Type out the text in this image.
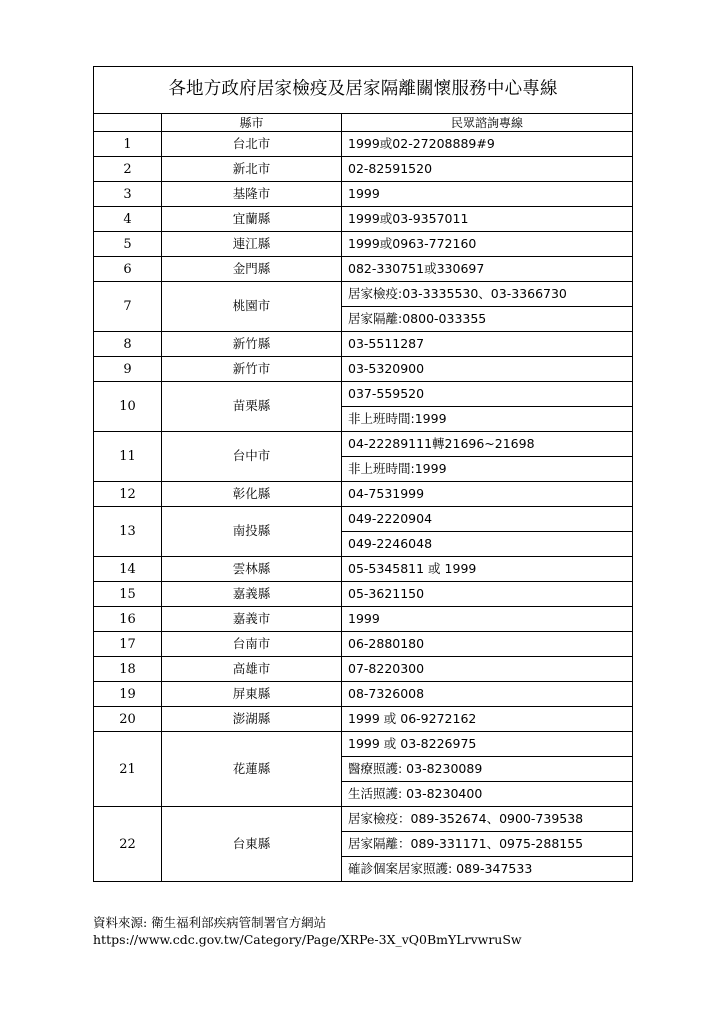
各地方政府居家檢疫及居家隔離關懷服務中心專線		
	縣市	民眾諮詢專線
1	台北市	1999或02-27208889#9
2	新北市	02-82591520
3	基隆市	1999
4	宜蘭縣	1999或03-9357011
5	連江縣	1999或0963-772160
6	金門縣	082-330751或330697
7	桃園市	居家檢疫:03-3335530、03-3366730
		居家隔離:0800-033355
8	新竹縣	03-5511287
9	新竹市	03-5320900
10	苗栗縣	037-559520
		非上班時間:1999
11	台中市	04-22289111轉21696~21698
		非上班時間:1999
12	彰化縣	04-7531999
13	南投縣	049-2220904
		049-2246048
14	雲林縣	05-5345811 或 1999
15	嘉義縣	05-3621150
16	嘉義市	1999
17	台南市	06-2880180
18	高雄市	07-8220300
19	屏東縣	08-7326008
20	澎湖縣	1999 或 06-9272162
21	花蓮縣	1999 或 03-8226975
		醫療照護: 03-8230089
		生活照護: 03-8230400
22	台東縣	居家檢疫：089-352674、0900-739538
		居家隔離：089-331171、0975-288155
		確診個案居家照護: 089-347533
資料來源: 衛生福利部疾病管制署官方網站
https://www.cdc.gov.tw/Category/Page/XRPe-3X_vQ0BmYLrvwruSw
